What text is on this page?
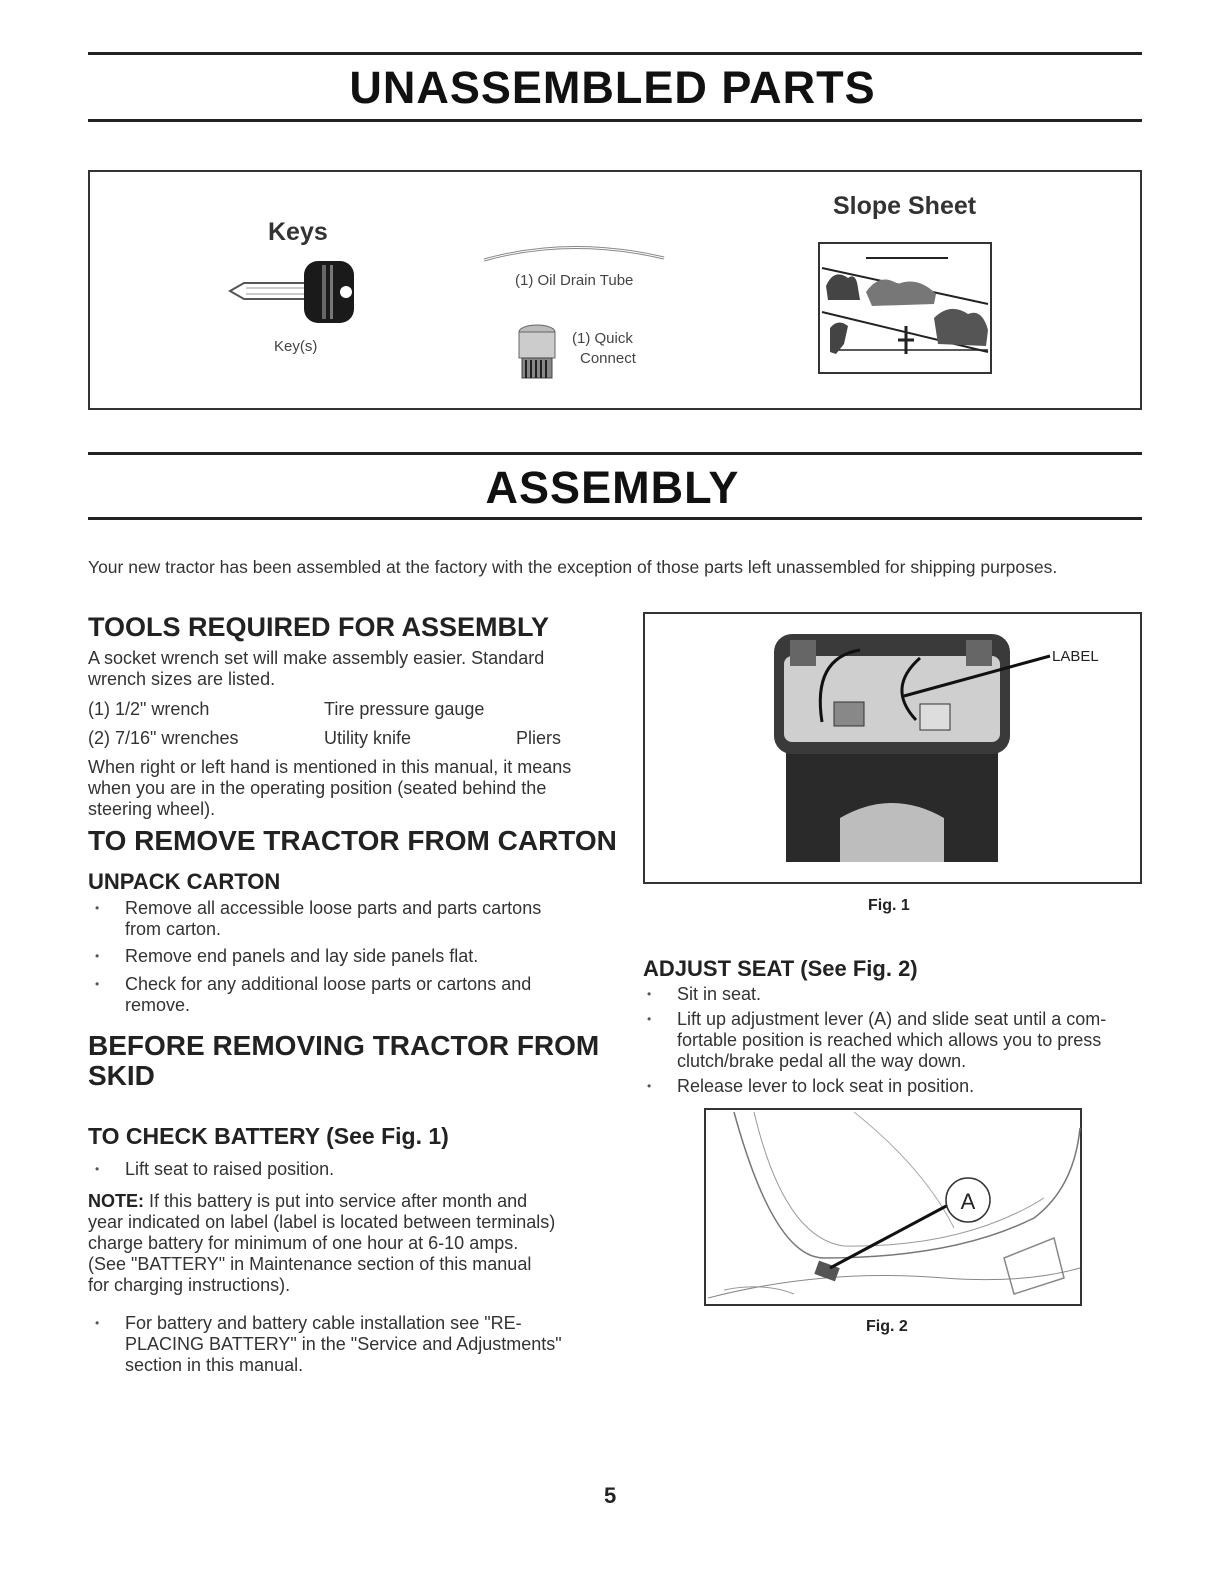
UNASSEMBLED PARTS
Keys
Key(s)
(1) Oil Drain Tube
(1) Quick
Connect
Slope Sheet
ASSEMBLY
Your new tractor has been assembled at the factory with the exception of those parts left unassembled for shipping purposes.
TOOLS REQUIRED FOR ASSEMBLY
A socket wrench set will make assembly easier. Standard
wrench sizes are listed.
(1) 1/2" wrench	Tire pressure gauge
(2) 7/16" wrenches	Utility knife	Pliers
When right or left hand is mentioned in this manual, it means
when you are in the operating position (seated behind the
steering wheel).
TO REMOVE TRACTOR FROM CARTON
UNPACK CARTON
• Remove all accessible loose parts and parts cartons
from carton.
• Remove end panels and lay side panels flat.
• Check for any additional loose parts or cartons and
remove.
BEFORE REMOVING TRACTOR FROM
SKID
TO CHECK BATTERY (See Fig. 1)
• Lift seat to raised position.
NOTE: If this battery is put into service after month and
year indicated on label (label is located between terminals)
charge battery for minimum of one hour at 6-10 amps.
(See "BATTERY" in Maintenance section of this manual
for charging instructions).
• For battery and battery cable installation see "RE-
PLACING BATTERY" in the "Service and Adjustments"
section in this manual.
LABEL
Fig. 1
ADJUST SEAT (See Fig. 2)
• Sit in seat.
• Lift up adjustment lever (A) and slide seat until a com-
fortable position is reached which allows you to press
clutch/brake pedal all the way down.
• Release lever to lock seat in position.
A
Fig. 2
5
